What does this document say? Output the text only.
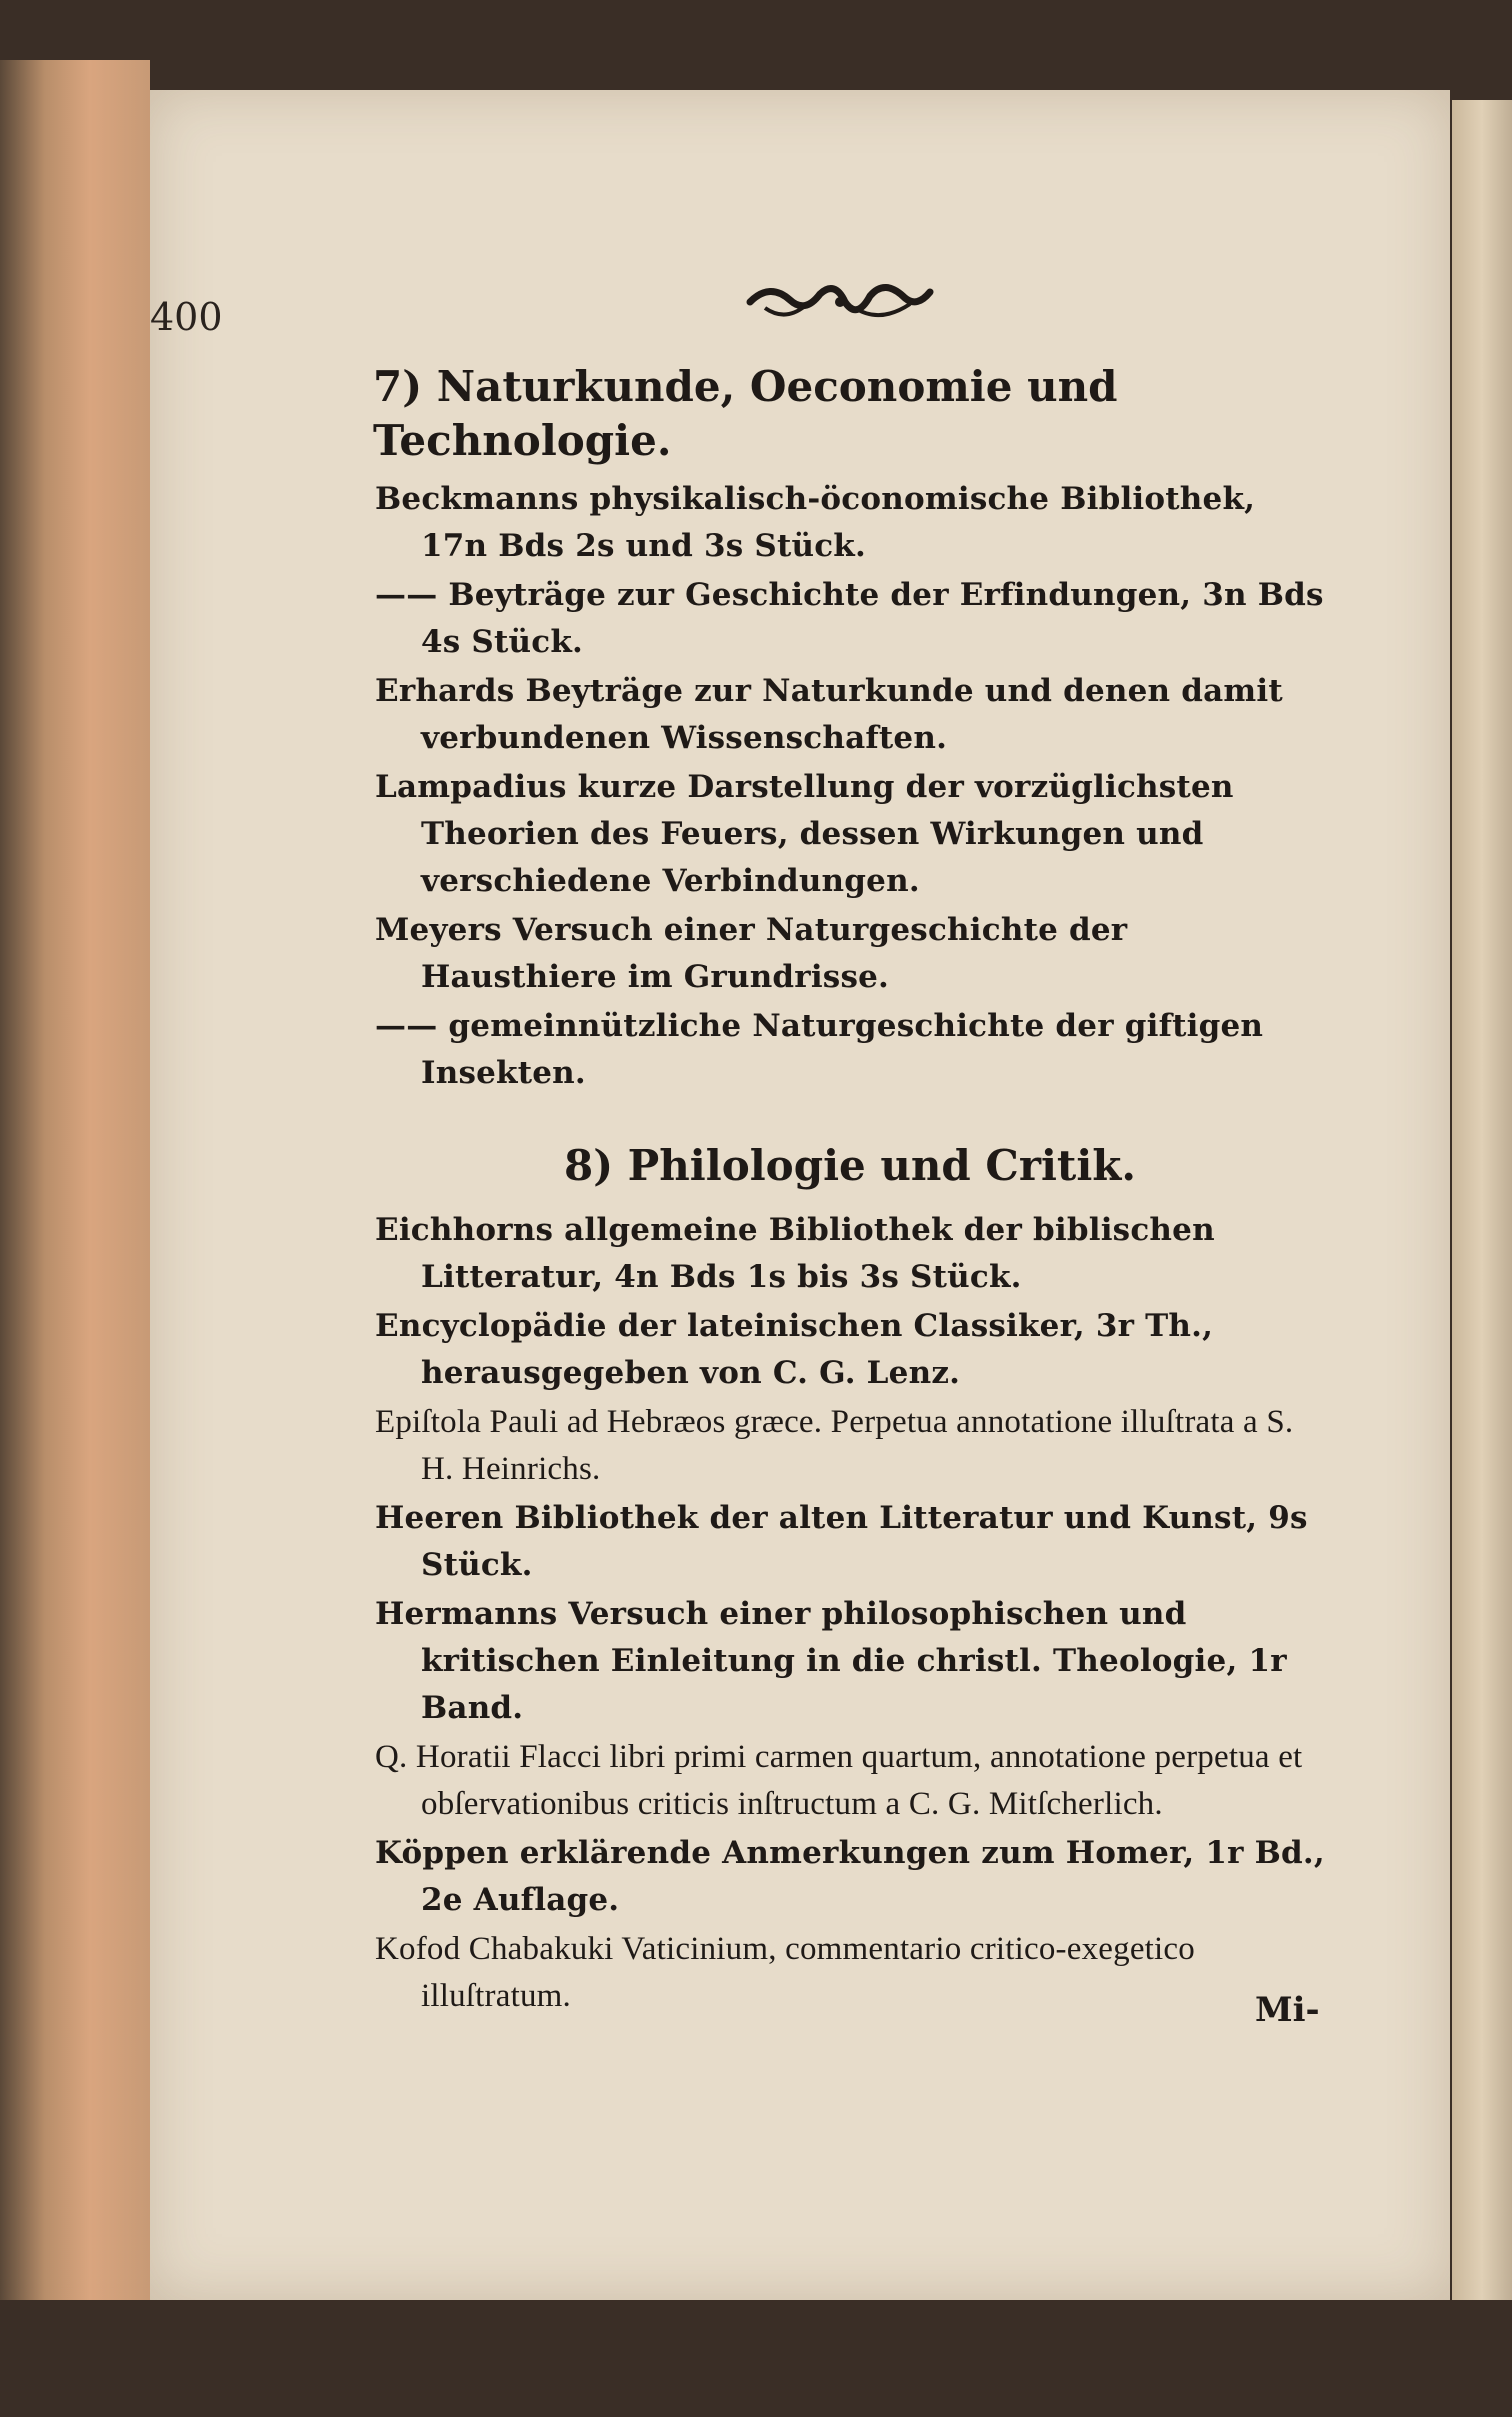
400
7) Naturkunde, Oeconomie und Technologie.

Beckmanns physikalisch-öconomische Bibliothek, 17n Bds 2s und 3s Stück.

—— Beyträge zur Geschichte der Erfindungen, 3n Bds 4s Stück.

Erhards Beyträge zur Naturkunde und denen damit verbundenen Wissenschaften.

Lampadius kurze Darstellung der vorzüglichsten Theorien des Feuers, dessen Wirkungen und verschiedene Verbindungen.

Meyers Versuch einer Naturgeschichte der Hausthiere im Grundrisse.

—— gemeinnützliche Naturgeschichte der giftigen Insekten.

8) Philologie und Critik.

Eichhorns allgemeine Bibliothek der biblischen Litteratur, 4n Bds 1s bis 3s Stück.

Encyclopädie der lateinischen Classiker, 3r Th., herausgegeben von C. G. Lenz.

Epiſtola Pauli ad Hebræos græce. Perpetua annotatione illuſtrata a S. H. Heinrichs.

Heeren Bibliothek der alten Litteratur und Kunst, 9s Stück.

Hermanns Versuch einer philosophischen und kritischen Einleitung in die christl. Theologie, 1r Band.

Q. Horatii Flacci libri primi carmen quartum, annotatione perpetua et obſervationibus criticis inſtructum a C. G. Mitſcherlich.

Köppen erklärende Anmerkungen zum Homer, 1r Bd., 2e Auflage.

Kofod Chabakuki Vaticinium, commentario critico-exegetico illuſtratum.	Mi-
